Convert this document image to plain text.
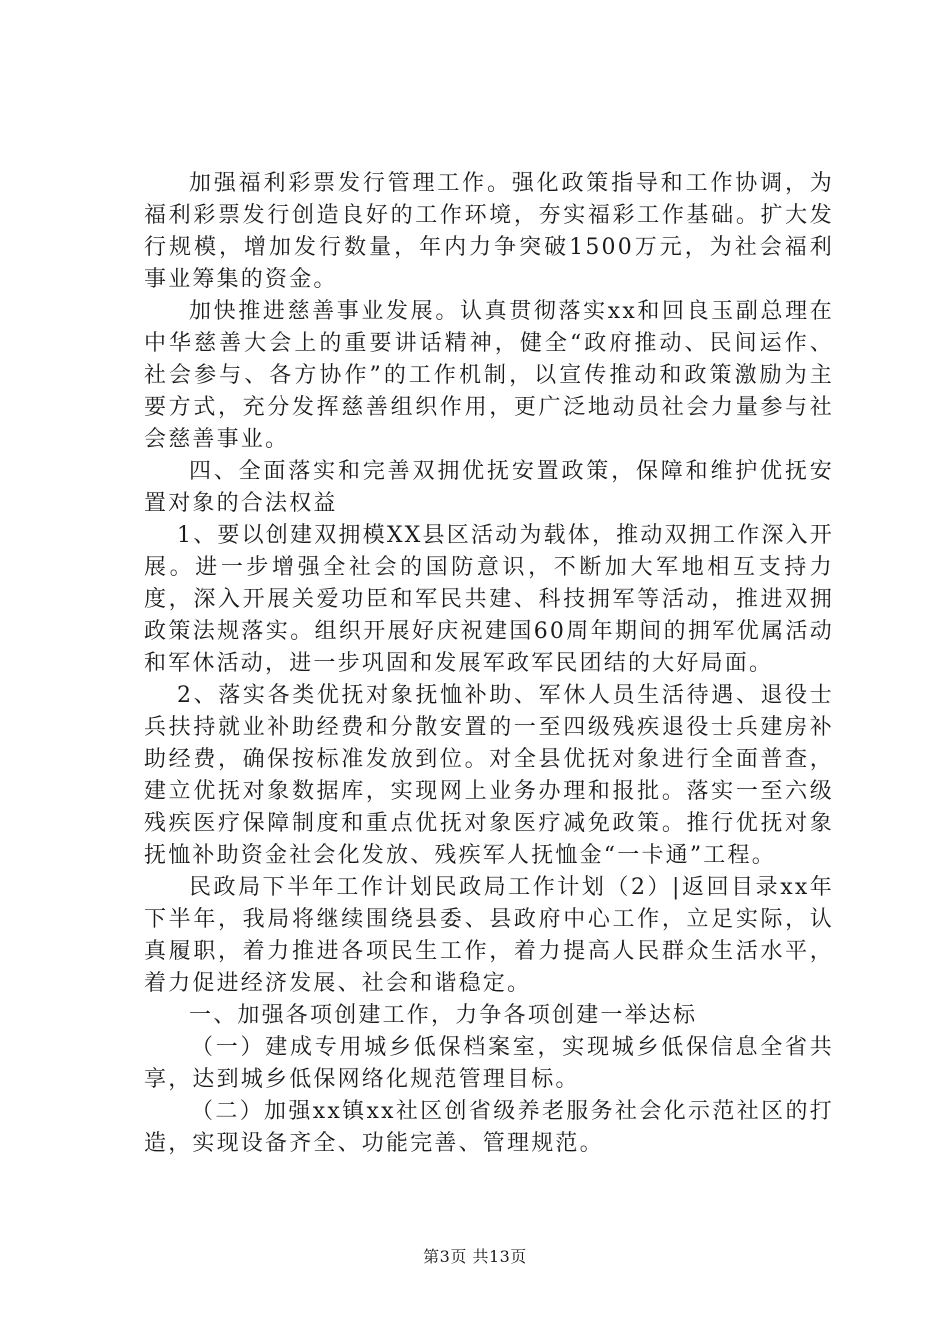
加强福利彩票发行管理工作。强化政策指导和工作协调，为福利彩票发行创造良好的工作环境，夯实福彩工作基础。扩大发行规模，增加发行数量，年内力争突破1500万元，为社会福利事业筹集的资金。

加快推进慈善事业发展。认真贯彻落实xx和回良玉副总理在中华慈善大会上的重要讲话精神，健全“政府推动、民间运作、社会参与、各方协作”的工作机制，以宣传推动和政策激励为主要方式，充分发挥慈善组织作用，更广泛地动员社会力量参与社会慈善事业。

四、全面落实和完善双拥优抚安置政策，保障和维护优抚安置对象的合法权益

1、要以创建双拥模XX县区活动为载体，推动双拥工作深入开展。进一步增强全社会的国防意识，不断加大军地相互支持力度，深入开展关爱功臣和军民共建、科技拥军等活动，推进双拥政策法规落实。组织开展好庆祝建国60周年期间的拥军优属活动和军休活动，进一步巩固和发展军政军民团结的大好局面。

2、落实各类优抚对象抚恤补助、军休人员生活待遇、退役士兵扶持就业补助经费和分散安置的一至四级残疾退役士兵建房补助经费，确保按标准发放到位。对全县优抚对象进行全面普查，建立优抚对象数据库，实现网上业务办理和报批。落实一至六级残疾医疗保障制度和重点优抚对象医疗减免政策。推行优抚对象抚恤补助资金社会化发放、残疾军人抚恤金“一卡通”工程。

民政局下半年工作计划民政局工作计划（2）|返回目录xx年下半年，我局将继续围绕县委、县政府中心工作，立足实际，认真履职，着力推进各项民生工作，着力提高人民群众生活水平，着力促进经济发展、社会和谐稳定。

一、加强各项创建工作，力争各项创建一举达标

（一）建成专用城乡低保档案室，实现城乡低保信息全省共享，达到城乡低保网络化规范管理目标。

（二）加强xx镇xx社区创省级养老服务社会化示范社区的打造，实现设备齐全、功能完善、管理规范。

第3页 共13页
